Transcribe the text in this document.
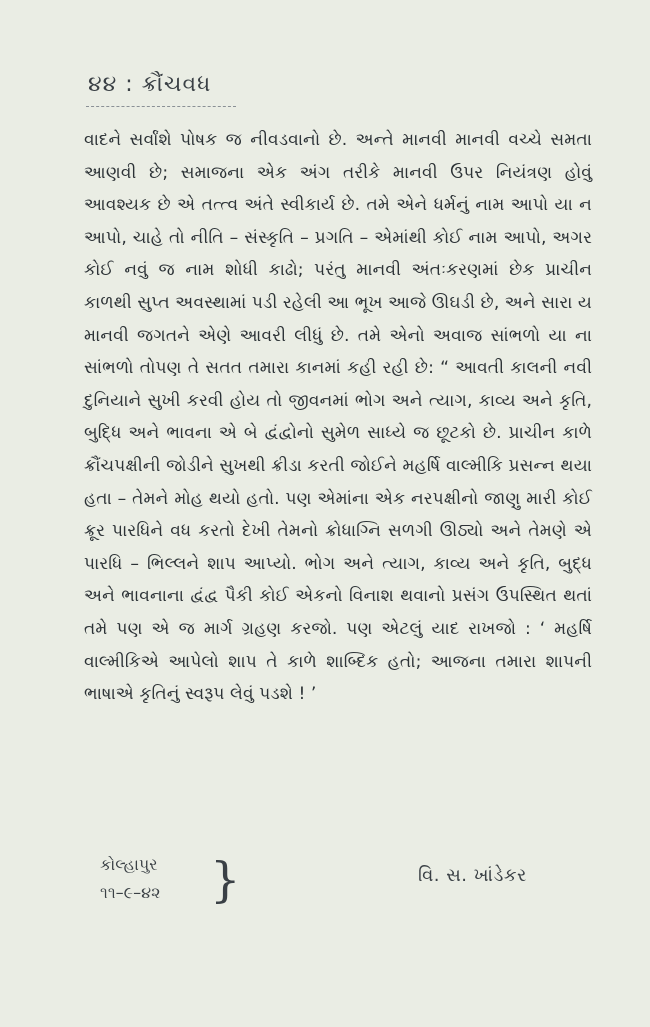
૪૪ : ક્રૌંચવધ

વાદને સર્વાંશે પોષક જ નીવડવાનો છે. અન્તે માનવી માનવી વચ્ચે સમતા આણવી છે; સમાજના એક અંગ તરીકે માનવી ઉપર નિયંત્રણ હોવું આવશ્યક છે એ તત્ત્વ અંતે સ્વીકાર્ય છે. તમે એને ધર્મનું નામ આપો યા ન આપો, ચાહે તો નીતિ – સંસ્કૃતિ – પ્રગતિ – એમાંથી કોઈ નામ આપો, અગર કોઈ નવું જ નામ શોધી કાઢો; પરંતુ માનવી અંતઃકરણમાં છેક પ્રાચીન કાળથી સુપ્ત અવસ્થામાં પડી રહેલી આ ભૂખ આજે ઊઘડી છે, અને સારા ય માનવી જગતને એણે આવરી લીધું છે. તમે એનો અવાજ સાંભળો યા ના સાંભળો તોપણ તે સતત તમારા કાનમાં કહી રહી છે: “ આવતી કાલની નવી દુનિયાને સુખી કરવી હોય તો જીવનમાં ભોગ અને ત્યાગ, કાવ્ય અને કૃતિ, બુદ્ધિ અને ભાવના એ બે દ્વંદ્વોનો સુમેળ સાધ્યે જ છૂટકો છે. પ્રાચીન કાળે ક્રૌંચપક્ષીની જોડીને સુખથી ક્રીડા કરતી જોઈને મહર્ષિ વાલ્મીકિ પ્રસન્ન થયા હતા – તેમને મોહ થયો હતો. પણ એમાંના એક નરપક્ષીનો જાણુ મારી કોઈ ક્રૂર પારધિને વધ કરતો દેખી તેમનો ક્રોધાગ્નિ સળગી ઊઠ્યો અને તેમણે એ પારધિ – ભિલ્લને શાપ આપ્યો. ભોગ અને ત્યાગ, કાવ્ય અને કૃતિ, બુદ્ધ અને ભાવનાના દ્વંદ્વ પૈકી કોઈ એકનો વિનાશ થવાનો પ્રસંગ ઉપસ્થિત થતાં તમે પણ એ જ માર્ગ ગ્રહણ કરજો. પણ એટલું યાદ રાખજો : ‘ મહર્ષિ વાલ્મીકિએ આપેલો શાપ તે કાળે શાબ્દિક હતો; આજના તમારા શાપની ભાષાએ કૃતિનું સ્વરૂપ લેવું પડશે ! ’

કોલ્હાપુર
૧૧–૯–૪૨ }	વિ. સ. ખાંડેકર
